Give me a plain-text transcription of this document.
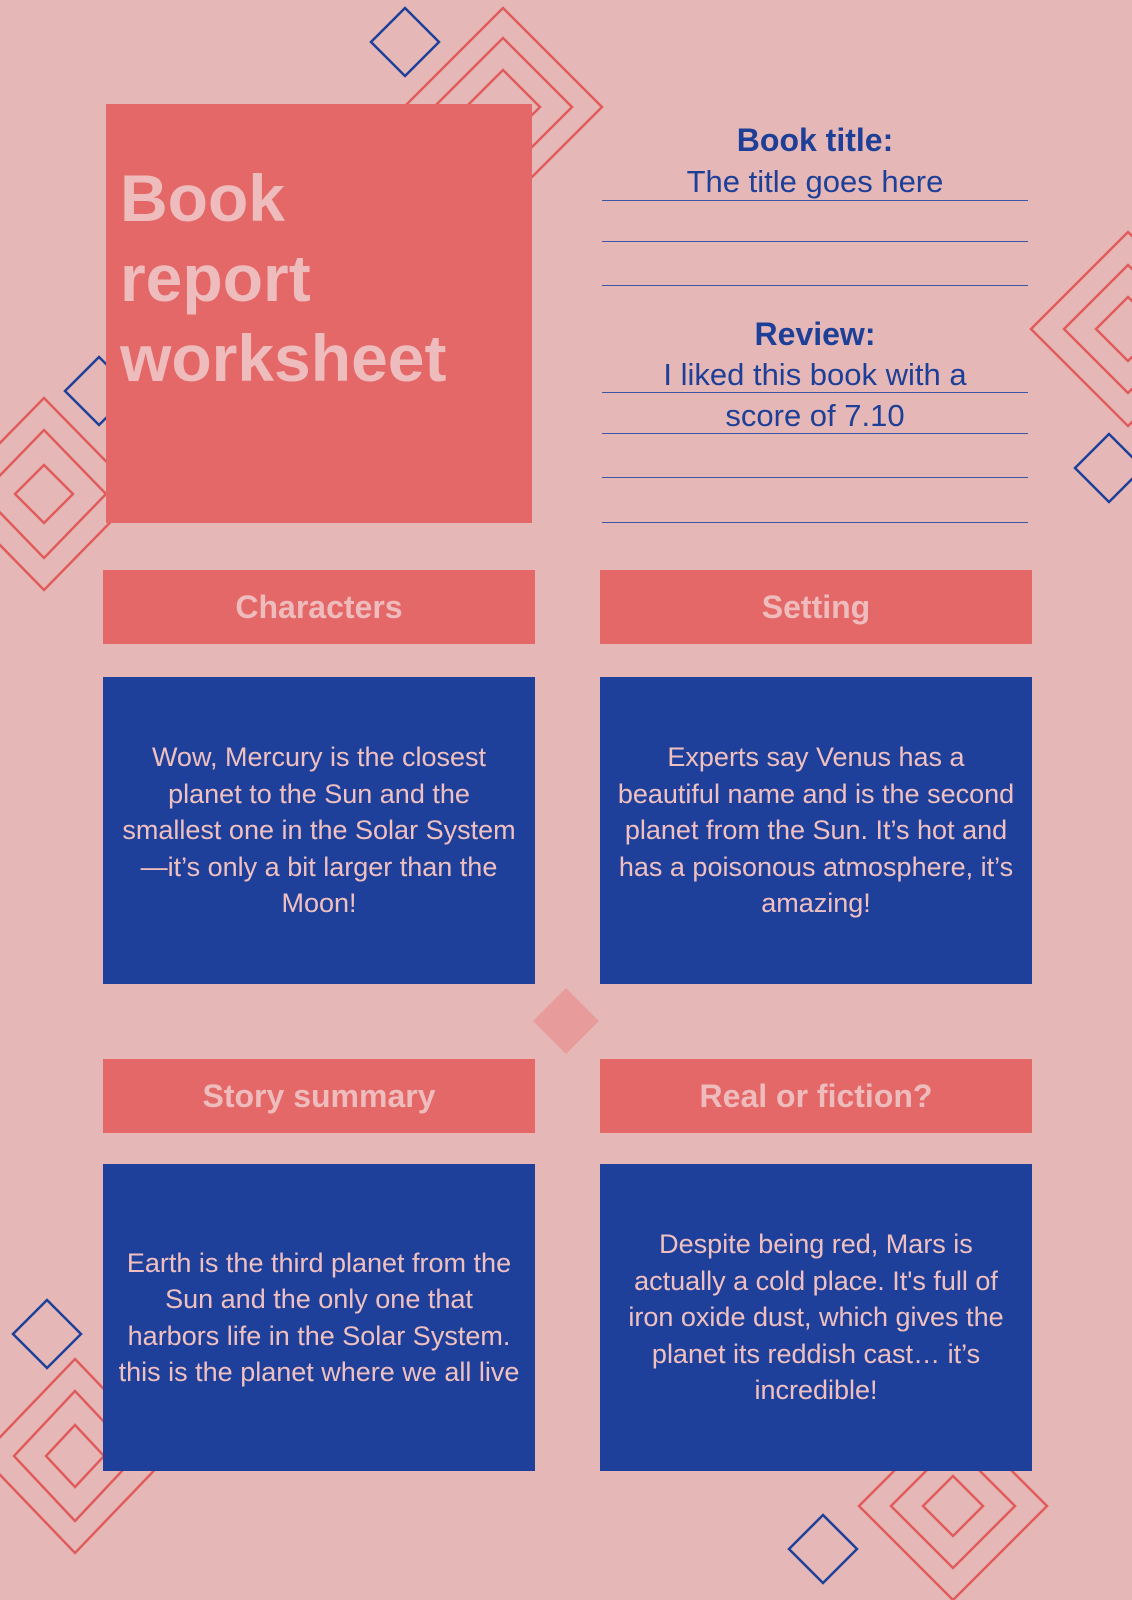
Book
report
worksheet
Book title:
The title goes here
Review:
I liked this book with a
score of 7.10
Characters	Setting
Story summary	Real or fiction?
Wow, Mercury is the closest planet to the Sun and the smallest one in the Solar System—it’s only a bit larger than the Moon!
Experts say Venus has a beautiful name and is the second planet from the Sun. It’s hot and has a poisonous atmosphere, it’s amazing!
Earth is the third planet from the Sun and the only one that harbors life in the Solar System. this is the planet where we all live
Despite being red, Mars is actually a cold place. It's full of iron oxide dust, which gives the planet its reddish cast… it’s incredible!
